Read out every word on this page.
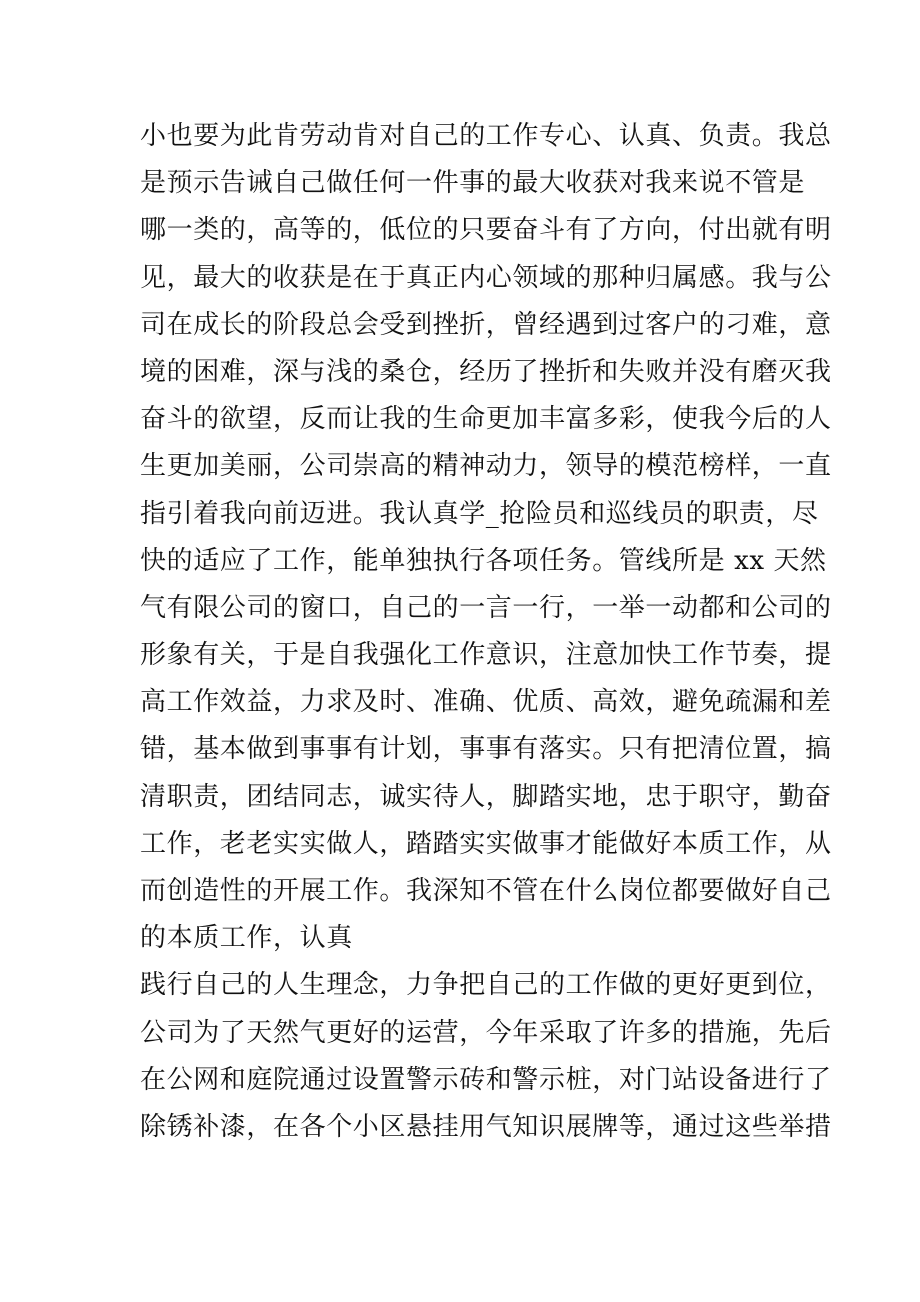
小也要为此肯劳动肯对自己的工作专心、认真、负责。我总
是预示告诫自己做任何一件事的最大收获对我来说不管是
哪一类的，高等的，低位的只要奋斗有了方向，付出就有明
见，最大的收获是在于真正内心领域的那种归属感。我与公
司在成长的阶段总会受到挫折，曾经遇到过客户的刁难，意
境的困难，深与浅的桑仓，经历了挫折和失败并没有磨灭我
奋斗的欲望，反而让我的生命更加丰富多彩，使我今后的人
生更加美丽，公司崇高的精神动力，领导的模范榜样，一直
指引着我向前迈进。我认真学_抢险员和巡线员的职责，尽
快的适应了工作，能单独执行各项任务。管线所是 xx 天然
气有限公司的窗口，自己的一言一行，一举一动都和公司的
形象有关，于是自我强化工作意识，注意加快工作节奏，提
高工作效益，力求及时、准确、优质、高效，避免疏漏和差
错，基本做到事事有计划，事事有落实。只有把清位置，搞
清职责，团结同志，诚实待人，脚踏实地，忠于职守，勤奋
工作，老老实实做人，踏踏实实做事才能做好本质工作，从
而创造性的开展工作。我深知不管在什么岗位都要做好自己
的本质工作，认真
践行自己的人生理念，力争把自己的工作做的更好更到位，
公司为了天然气更好的运营，今年采取了许多的措施，先后
在公网和庭院通过设置警示砖和警示桩，对门站设备进行了
除锈补漆，在各个小区悬挂用气知识展牌等，通过这些举措
